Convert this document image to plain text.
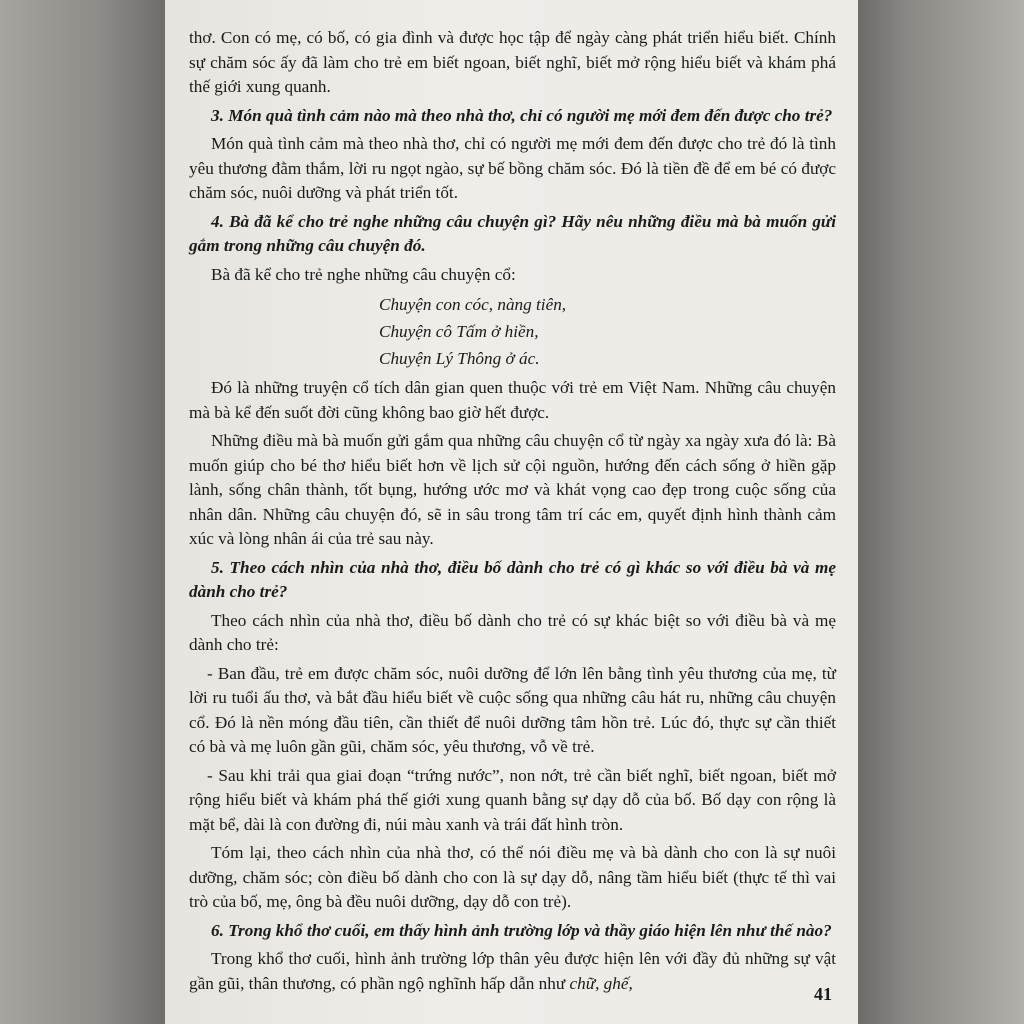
thơ. Con có mẹ, có bố, có gia đình và được học tập để ngày càng phát triển hiểu biết. Chính sự chăm sóc ấy đã làm cho trẻ em biết ngoan, biết nghĩ, biết mở rộng hiểu biết và khám phá thế giới xung quanh.

3. Món quà tình cảm nào mà theo nhà thơ, chỉ có người mẹ mới đem đến được cho trẻ?

Món quà tình cảm mà theo nhà thơ, chỉ có người mẹ mới đem đến được cho trẻ đó là tình yêu thương đằm thắm, lời ru ngọt ngào, sự bế bồng chăm sóc. Đó là tiền đề để em bé có được chăm sóc, nuôi dưỡng và phát triển tốt.

4. Bà đã kể cho trẻ nghe những câu chuyện gì? Hãy nêu những điều mà bà muốn gửi gắm trong những câu chuyện đó.

Bà đã kể cho trẻ nghe những câu chuyện cổ:

Chuyện con cóc, nàng tiên,
Chuyện cô Tấm ở hiền,
Chuyện Lý Thông ở ác.

Đó là những truyện cổ tích dân gian quen thuộc với trẻ em Việt Nam. Những câu chuyện mà bà kể đến suốt đời cũng không bao giờ hết được.

Những điều mà bà muốn gửi gắm qua những câu chuyện cổ từ ngày xa ngày xưa đó là: Bà muốn giúp cho bé thơ hiểu biết hơn về lịch sử cội nguồn, hướng đến cách sống ở hiền gặp lành, sống chân thành, tốt bụng, hướng ước mơ và khát vọng cao đẹp trong cuộc sống của nhân dân. Những câu chuyện đó, sẽ in sâu trong tâm trí các em, quyết định hình thành cảm xúc và lòng nhân ái của trẻ sau này.

5. Theo cách nhìn của nhà thơ, điều bố dành cho trẻ có gì khác so với điều bà và mẹ dành cho trẻ?

Theo cách nhìn của nhà thơ, điều bố dành cho trẻ có sự khác biệt so với điều bà và mẹ dành cho trẻ:

- Ban đầu, trẻ em được chăm sóc, nuôi dưỡng để lớn lên bằng tình yêu thương của mẹ, từ lời ru tuổi ấu thơ, và bắt đầu hiểu biết về cuộc sống qua những câu hát ru, những câu chuyện cổ. Đó là nền móng đầu tiên, cần thiết để nuôi dưỡng tâm hồn trẻ. Lúc đó, thực sự cần thiết có bà và mẹ luôn gần gũi, chăm sóc, yêu thương, vỗ về trẻ.

- Sau khi trải qua giai đoạn “trứng nước”, non nớt, trẻ cần biết nghĩ, biết ngoan, biết mở rộng hiểu biết và khám phá thế giới xung quanh bằng sự dạy dỗ của bố. Bố dạy con rộng là mặt bể, dài là con đường đi, núi màu xanh và trái đất hình tròn.

Tóm lại, theo cách nhìn của nhà thơ, có thể nói điều mẹ và bà dành cho con là sự nuôi dưỡng, chăm sóc; còn điều bố dành cho con là sự dạy dỗ, nâng tầm hiểu biết (thực tế thì vai trò của bố, mẹ, ông bà đều nuôi dưỡng, dạy dỗ con trẻ).

6. Trong khổ thơ cuối, em thấy hình ảnh trường lớp và thầy giáo hiện lên như thế nào?

Trong khổ thơ cuối, hình ảnh trường lớp thân yêu được hiện lên với đầy đủ những sự vật gần gũi, thân thương, có phần ngộ nghĩnh hấp dẫn như chữ, ghế,

41
